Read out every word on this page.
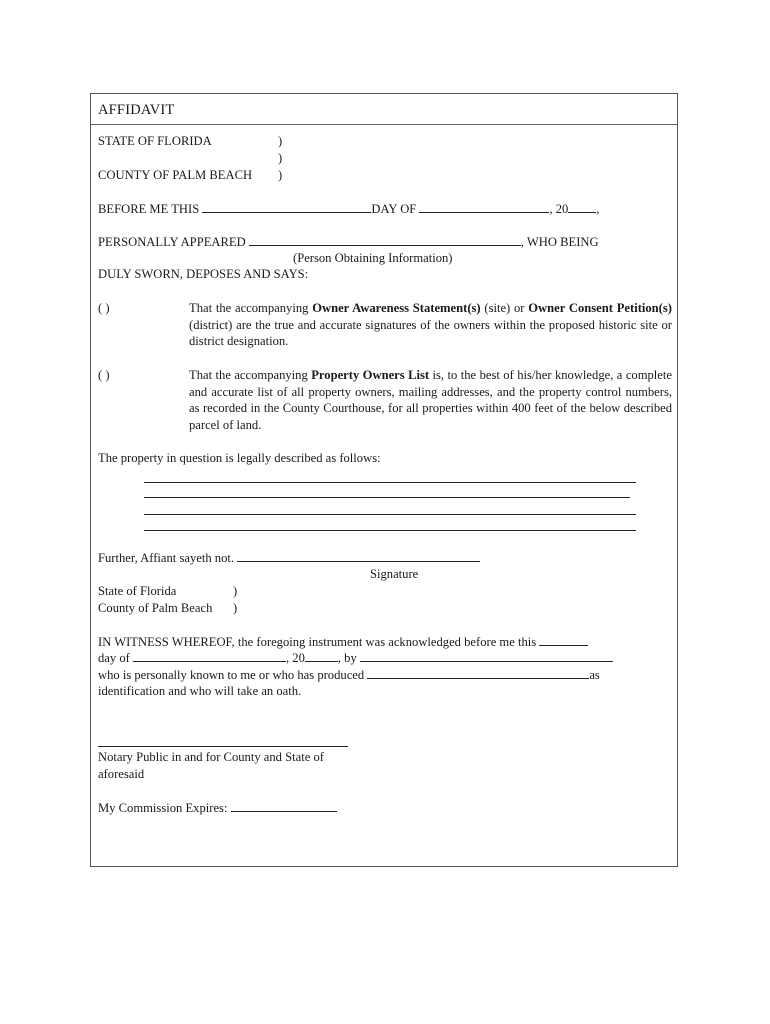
AFFIDAVIT
STATE OF FLORIDA	)
)
COUNTY OF PALM BEACH )
BEFORE ME THIS	DAY OF	, 20 ,
PERSONALLY APPEARED	, WHO BEING
(Person Obtaining Information)
DULY SWORN, DEPOSES AND SAYS:
( )	That the accompanying Owner Awareness Statement(s) (site) or Owner Consent Petition(s) (district) are the true and accurate signatures of the owners within the proposed historic site or district designation.
( )	That the accompanying Property Owners List is, to the best of his/her knowledge, a complete and accurate list of all property owners, mailing addresses, and the property control numbers, as recorded in the County Courthouse, for all properties within 400 feet of the below described parcel of land.
The property in question is legally described as follows:
Further, Affiant sayeth not.
Signature
State of Florida	)
County of Palm Beach )
IN WITNESS WHEREOF, the foregoing instrument was acknowledged before me this
day of	, 20	, by
who is personally known to me or who has produced	as
identification and who will take an oath.
Notary Public in and for County and State of
aforesaid
My Commission Expires:
